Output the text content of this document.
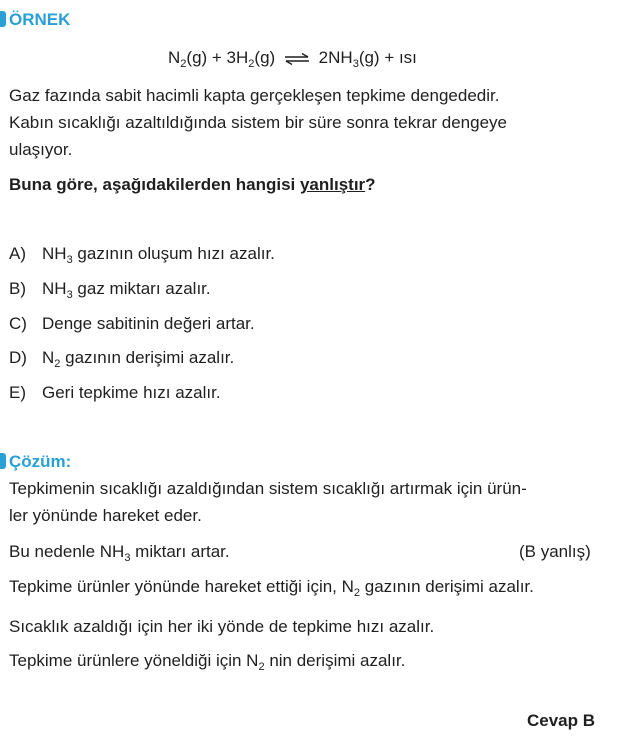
ÖRNEK
$N_2(g) + 3H_2(g)$ ⇌ $2NH_3(g)$ + ısı
Gaz fazında sabit hacimli kapta gerçekleşen tepkime dengededir.
Kabın sıcaklığı azaltıldığında sistem bir süre sonra tekrar dengeye
ulaşıyor.
Buna göre, aşağıdakilerden hangisi yanlıştır?
A) $NH_3$ gazının oluşum hızı azalır.
B) $NH_3$ gaz miktarı azalır.
C) Denge sabitinin değeri artar.
D) $N_2$ gazının derişimi azalır.
E) Geri tepkime hızı azalır.
Çözüm:
Tepkimenin sıcaklığı azaldığından sistem sıcaklığı artırmak için ürün-
ler yönünde hareket eder.
Bu nedenle $NH_3$ miktarı artar.	(B yanlış)
Tepkime ürünler yönünde hareket ettiği için, $N_2$ gazının derişimi azalır.
Sıcaklık azaldığı için her iki yönde de tepkime hızı azalır.
Tepkime ürünlere yöneldiği için $N_2$ nin derişimi azalır.
Cevap B
